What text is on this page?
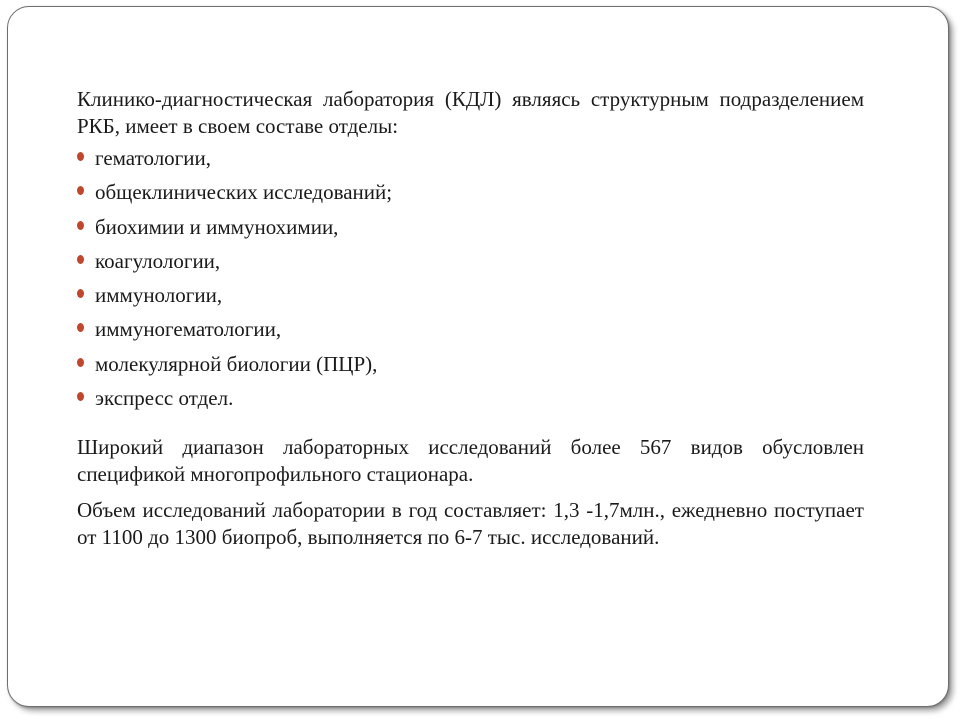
Клинико-диагностическая лаборатория (КДЛ) являясь структурным подразделением РКБ, имеет в своем составе отделы:

гематологии,
общеклинических исследований;
биохимии и иммунохимии,
коагулологии,
иммунологии,
иммуногематологии,
молекулярной биологии (ПЦР),
экспресс отдел.

Широкий диапазон лабораторных исследований более 567 видов обусловлен спецификой многопрофильного стационара.

Объем исследований лаборатории в год составляет: 1,3 -1,7млн., ежедневно поступает от 1100 до 1300 биопроб, выполняется по 6-7 тыс. исследований.
